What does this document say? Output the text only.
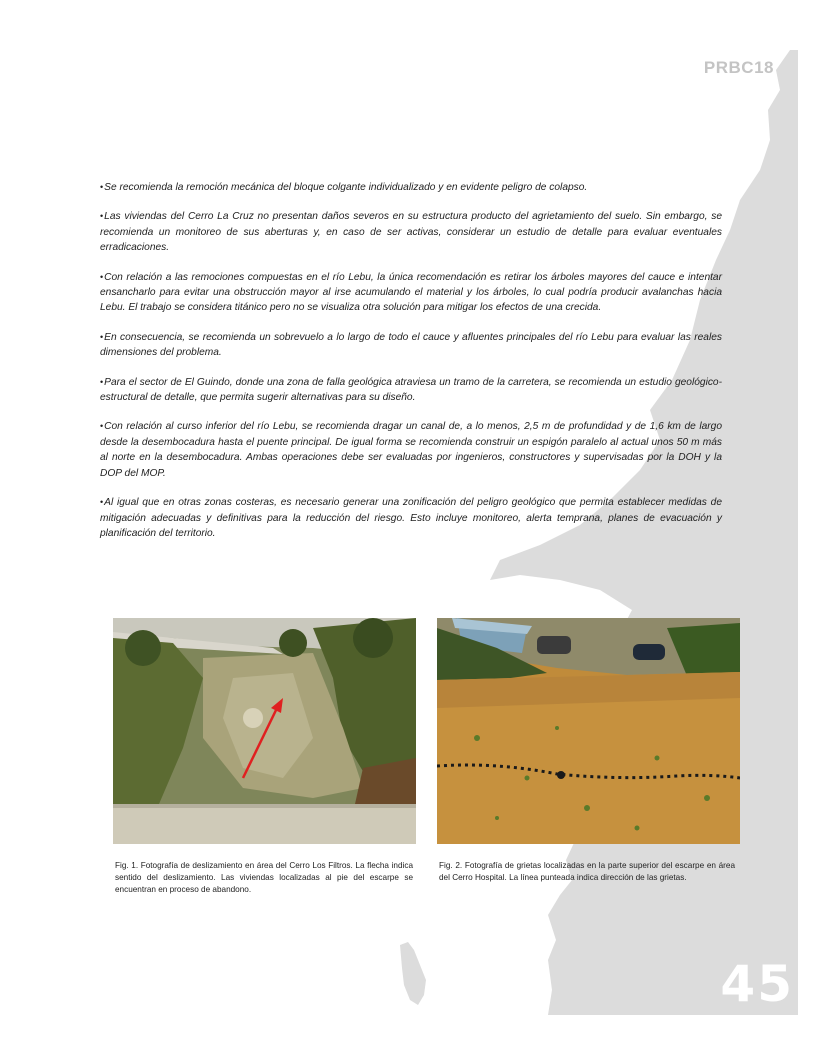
PRBC18

•Se recomienda la remoción mecánica del bloque colgante individualizado y en evidente peligro de colapso.

•Las viviendas del Cerro La Cruz no presentan daños severos en su estructura producto del agrietamiento del suelo. Sin embargo, se recomienda un monitoreo de sus aberturas y, en caso de ser activas, considerar un estudio de detalle para evaluar eventuales erradicaciones.

•Con relación a las remociones compuestas en el río Lebu, la única recomendación es retirar los árboles mayores del cauce e intentar ensancharlo para evitar una obstrucción mayor al irse acumulando el material y los árboles, lo cual podría producir avalanchas hacia Lebu. El trabajo se considera titánico pero no se visualiza otra solución para mitigar los efectos de una crecida.

•En consecuencia, se recomienda un sobrevuelo a lo largo de todo el cauce y afluentes principales del río Lebu para evaluar las reales dimensiones del problema.

•Para el sector de El Guindo, donde una zona de falla geológica atraviesa un tramo de la carretera, se recomienda un estudio geológico-estructural de detalle, que permita sugerir alternativas para su diseño.

•Con relación al curso inferior del río Lebu, se recomienda dragar un canal de, a lo menos, 2,5 m de profundidad y de 1,6 km de largo desde la desembocadura hasta el puente principal. De igual forma se recomienda construir un espigón paralelo al actual unos 50 m más al norte en la desembocadura. Ambas operaciones debe ser evaluadas por ingenieros, constructores y supervisadas por la DOH y la DOP del MOP.

•Al igual que en otras zonas costeras, es necesario generar una zonificación del peligro geológico que permita establecer medidas de mitigación adecuadas y definitivas para la reducción del riesgo. Esto incluye monitoreo, alerta temprana, planes de evacuación y planificación del territorio.

Fig. 1. Fotografía de deslizamiento en área del Cerro Los Filtros. La flecha indica sentido del deslizamiento. Las viviendas localizadas al pie del escarpe se encuentran en proceso de abandono.
Fig. 2. Fotografía de grietas localizadas en la parte superior del escarpe en área del Cerro Hospital. La línea punteada indica dirección de las grietas.
45
